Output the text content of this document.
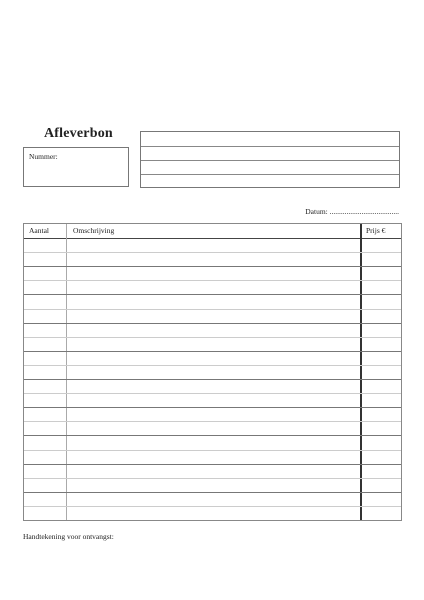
Afleverbon
Nummer:
Datum: .....................................
Aantal	Omschrijving	Prijs €
Handtekening voor ontvangst:
